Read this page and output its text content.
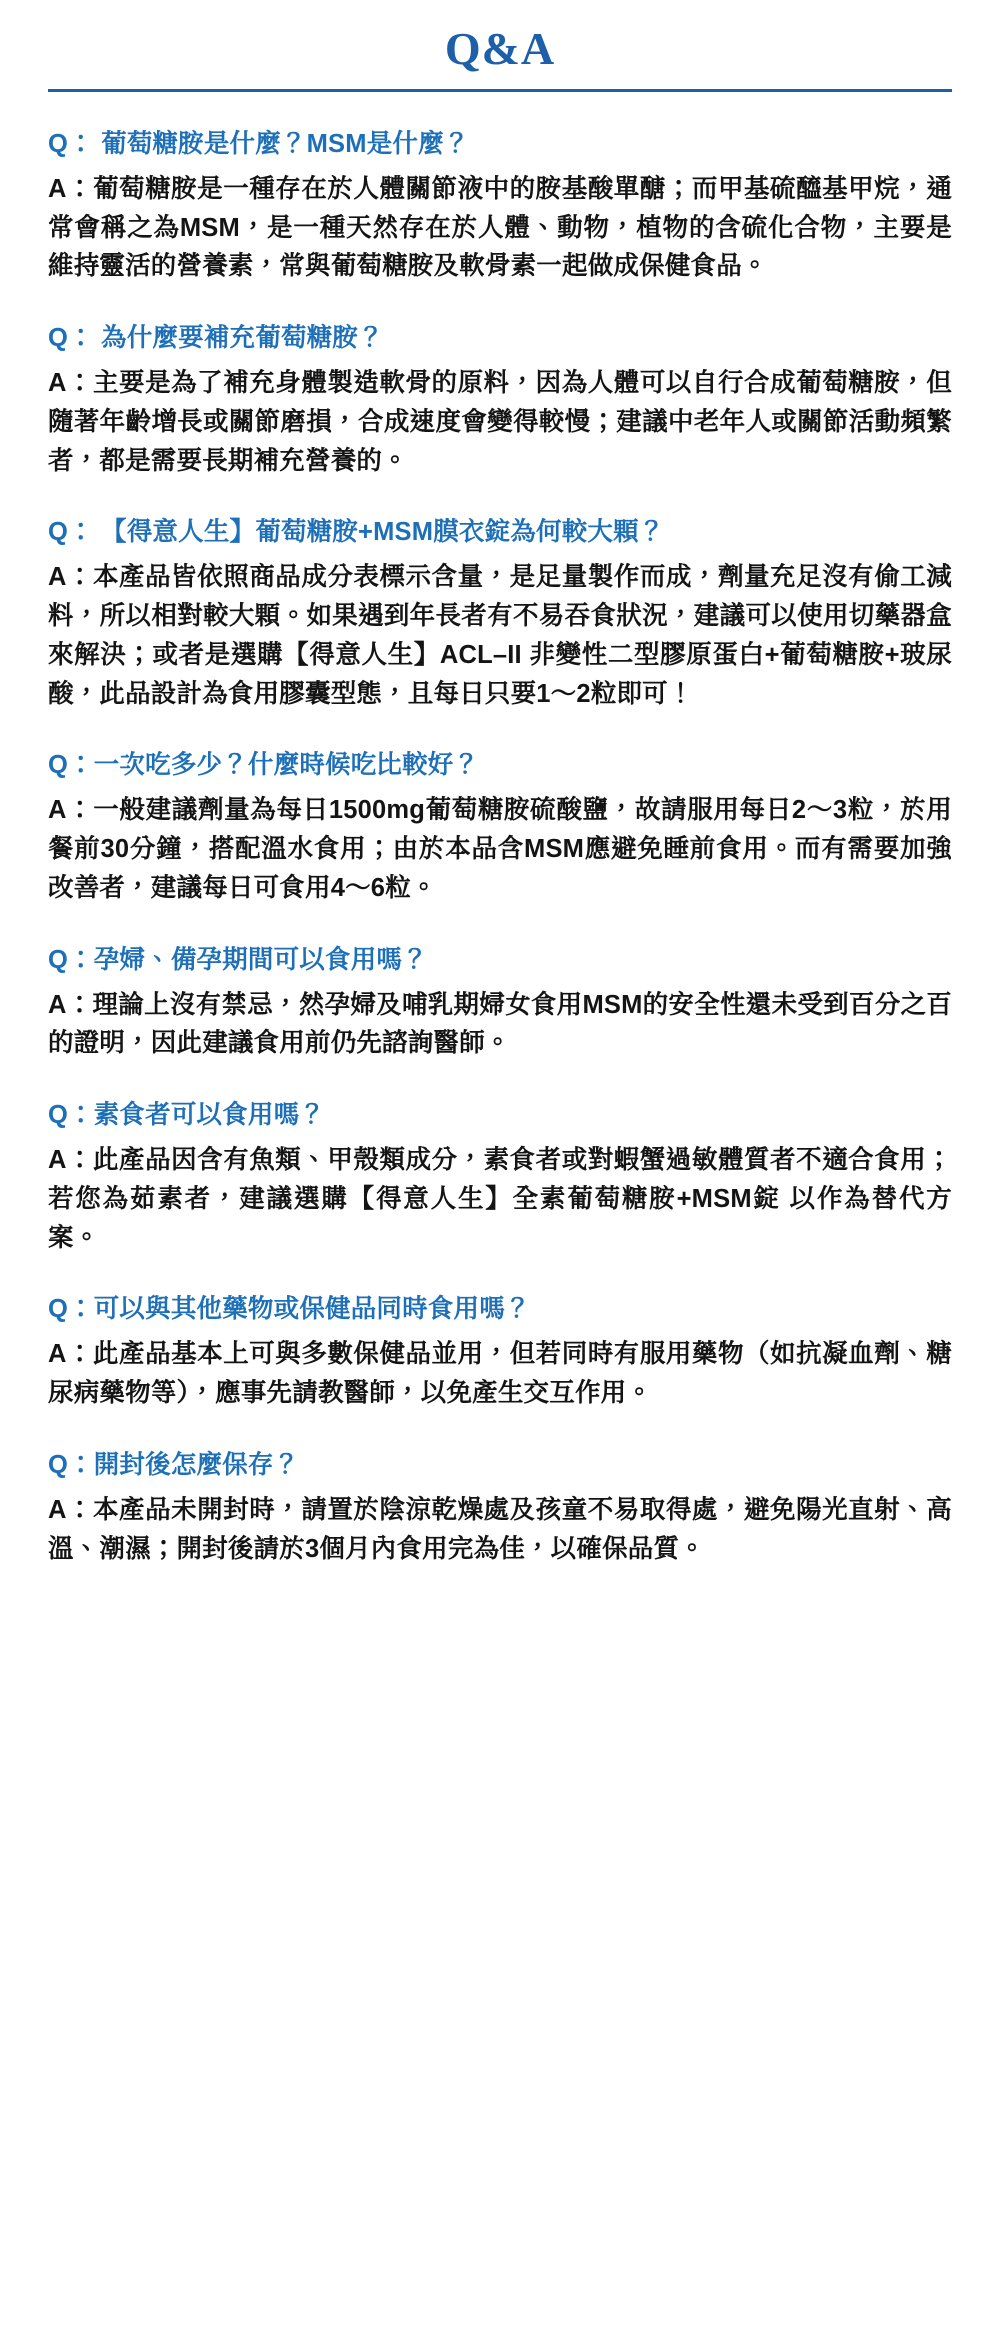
Q&A
Q： 葡萄糖胺是什麼？MSM是什麼？
A：葡萄糖胺是一種存在於人體關節液中的胺基酸單醣；而甲基硫醯基甲烷，通常會稱之為MSM，是一種天然存在於人體、動物，植物的含硫化合物，主要是維持靈活的營養素，常與葡萄糖胺及軟骨素一起做成保健食品。
Q： 為什麼要補充葡萄糖胺？
A：主要是為了補充身體製造軟骨的原料，因為人體可以自行合成葡萄糖胺，但隨著年齡增長或關節磨損，合成速度會變得較慢；建議中老年人或關節活動頻繁者，都是需要長期補充營養的。
Q： 【得意人生】葡萄糖胺+MSM膜衣錠為何較大顆？
A：本產品皆依照商品成分表標示含量，是足量製作而成，劑量充足沒有偷工減料，所以相對較大顆。如果遇到年長者有不易吞食狀況，建議可以使用切藥器盒來解決；或者是選購【得意人生】ACL–II 非變性二型膠原蛋白+葡萄糖胺+玻尿酸，此品設計為食用膠囊型態，且每日只要1～2粒即可！
Q：一次吃多少？什麼時候吃比較好？
A：一般建議劑量為每日1500mg葡萄糖胺硫酸鹽，故請服用每日2～3粒，於用餐前30分鐘，搭配溫水食用；由於本品含MSM應避免睡前食用。而有需要加強改善者，建議每日可食用4～6粒。
Q：孕婦、備孕期間可以食用嗎？
A：理論上沒有禁忌，然孕婦及哺乳期婦女食用MSM的安全性還未受到百分之百的證明，因此建議食用前仍先諮詢醫師。
Q：素食者可以食用嗎？
A：此產品因含有魚類、甲殼類成分，素食者或對蝦蟹過敏體質者不適合食用；若您為茹素者，建議選購【得意人生】全素葡萄糖胺+MSM錠 以作為替代方案。
Q：可以與其他藥物或保健品同時食用嗎？
A：此產品基本上可與多數保健品並用，但若同時有服用藥物（如抗凝血劑、糖尿病藥物等），應事先請教醫師，以免產生交互作用。
Q：開封後怎麼保存？
A：本產品未開封時，請置於陰涼乾燥處及孩童不易取得處，避免陽光直射、高溫、潮濕；開封後請於3個月內食用完為佳，以確保品質。
